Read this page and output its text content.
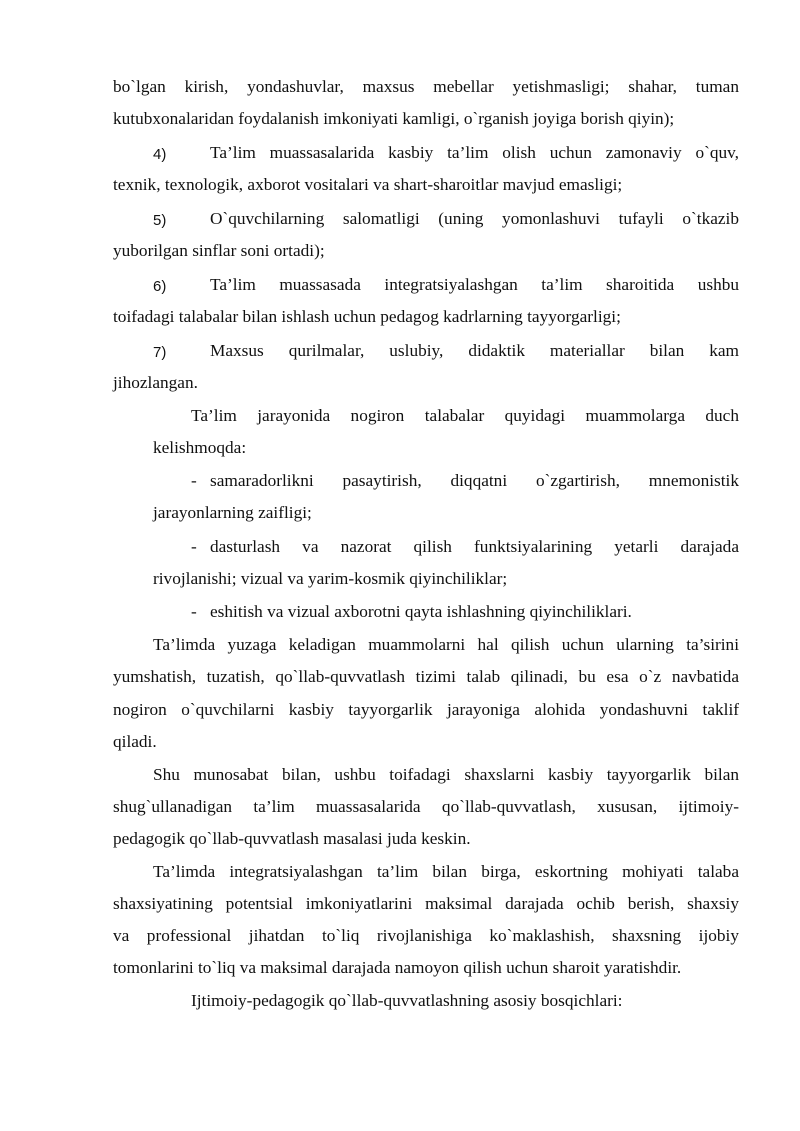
bo`lgan kirish, yondashuvlar, maxsus mebellar yetishmasligi; shahar, tuman
kutubxonalaridan foydalanish imkoniyati kamligi, o`rganish joyiga borish qiyin);
4)	Ta’lim muassasalarida kasbiy ta’lim olish uchun zamonaviy o`quv,
texnik, texnologik, axborot vositalari va shart-sharoitlar mavjud emasligi;
5)	O`quvchilarning salomatligi (uning yomonlashuvi tufayli o`tkazib
yuborilgan sinflar soni ortadi);
6)	Ta’lim muassasada integratsiyalashgan ta’lim sharoitida ushbu
toifadagi talabalar bilan ishlash uchun pedagog kadrlarning tayyorgarligi;
7)	Maxsus qurilmalar, uslubiy, didaktik materiallar bilan kam
jihozlangan.
Ta’lim jarayonida nogiron talabalar quyidagi muammolarga duch
kelishmoqda:
- samaradorlikni pasaytirish, diqqatni o`zgartirish, mnemonistik
jarayonlarning zaifligi;
- dasturlash va nazorat qilish funktsiyalarining yetarli darajada
rivojlanishi; vizual va yarim-kosmik qiyinchiliklar;
- eshitish va vizual axborotni qayta ishlashning qiyinchiliklari.
Ta’limda yuzaga keladigan muammolarni hal qilish uchun ularning ta’sirini
yumshatish, tuzatish, qo`llab-quvvatlash tizimi talab qilinadi, bu esa o`z navbatida
nogiron o`quvchilarni kasbiy tayyorgarlik jarayoniga alohida yondashuvni taklif
qiladi.
Shu munosabat bilan, ushbu toifadagi shaxslarni kasbiy tayyorgarlik bilan
shug`ullanadigan ta’lim muassasalarida qo`llab-quvvatlash, xususan, ijtimoiy-
pedagogik qo`llab-quvvatlash masalasi juda keskin.
Ta’limda integratsiyalashgan ta’lim bilan birga, eskortning mohiyati talaba
shaxsiyatining potentsial imkoniyatlarini maksimal darajada ochib berish, shaxsiy
va professional jihatdan to`liq rivojlanishiga ko`maklashish, shaxsning ijobiy
tomonlarini to`liq va maksimal darajada namoyon qilish uchun sharoit yaratishdir.
Ijtimoiy-pedagogik qo`llab-quvvatlashning asosiy bosqichlari:
